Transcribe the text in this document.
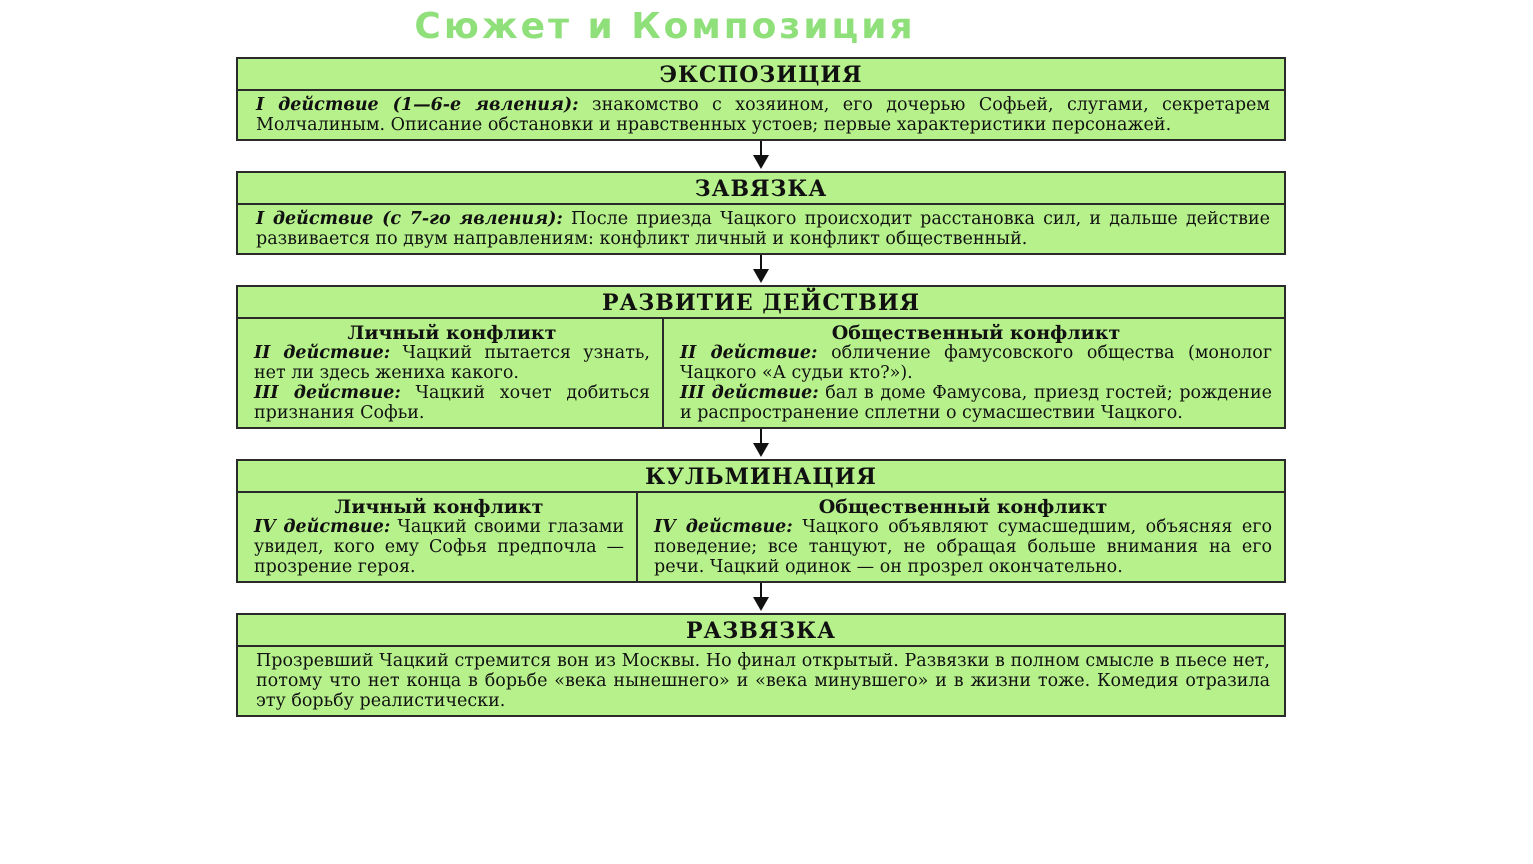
Сюжет и Композиция
ЭКСПОЗИЦИЯ
I действие (1—6-е явления): знакомство с хозяином, его дочерью Софьей, слугами, секретарем Молчалиным. Описание обстановки и нравственных устоев; первые характеристики персонажей.
ЗАВЯЗКА
I действие (с 7-го явления): После приезда Чацкого происходит расстановка сил, и дальше действие развивается по двум направлениям: конфликт личный и конфликт общественный.
РАЗВИТИЕ ДЕЙСТВИЯ
Личный конфликт

II действие: Чацкий пытается узнать, нет ли здесь жениха какого.

III действие: Чацкий хочет добиться признания Софьи.

Общественный конфликт

II действие: обличение фамусовского общества (монолог Чацкого «А судьи кто?»).

III действие: бал в доме Фамусова, приезд гостей; рождение и распространение сплетни о сумасшествии Чацкого.

КУЛЬМИНАЦИЯ
Личный конфликт

IV действие: Чацкий своими глазами увидел, кого ему Софья предпочла — прозрение героя.

Общественный конфликт

IV действие: Чацкого объявляют сумасшедшим, объясняя его поведение; все танцуют, не обращая больше внимания на его речи. Чацкий одинок — он прозрел окончательно.

РАЗВЯЗКА
Прозревший Чацкий стремится вон из Москвы. Но финал открытый. Развязки в полном смысле в пьесе нет, потому что нет конца в борьбе «века нынешнего» и «века минувшего» и в жизни тоже. Комедия отразила эту борьбу реалистически.
